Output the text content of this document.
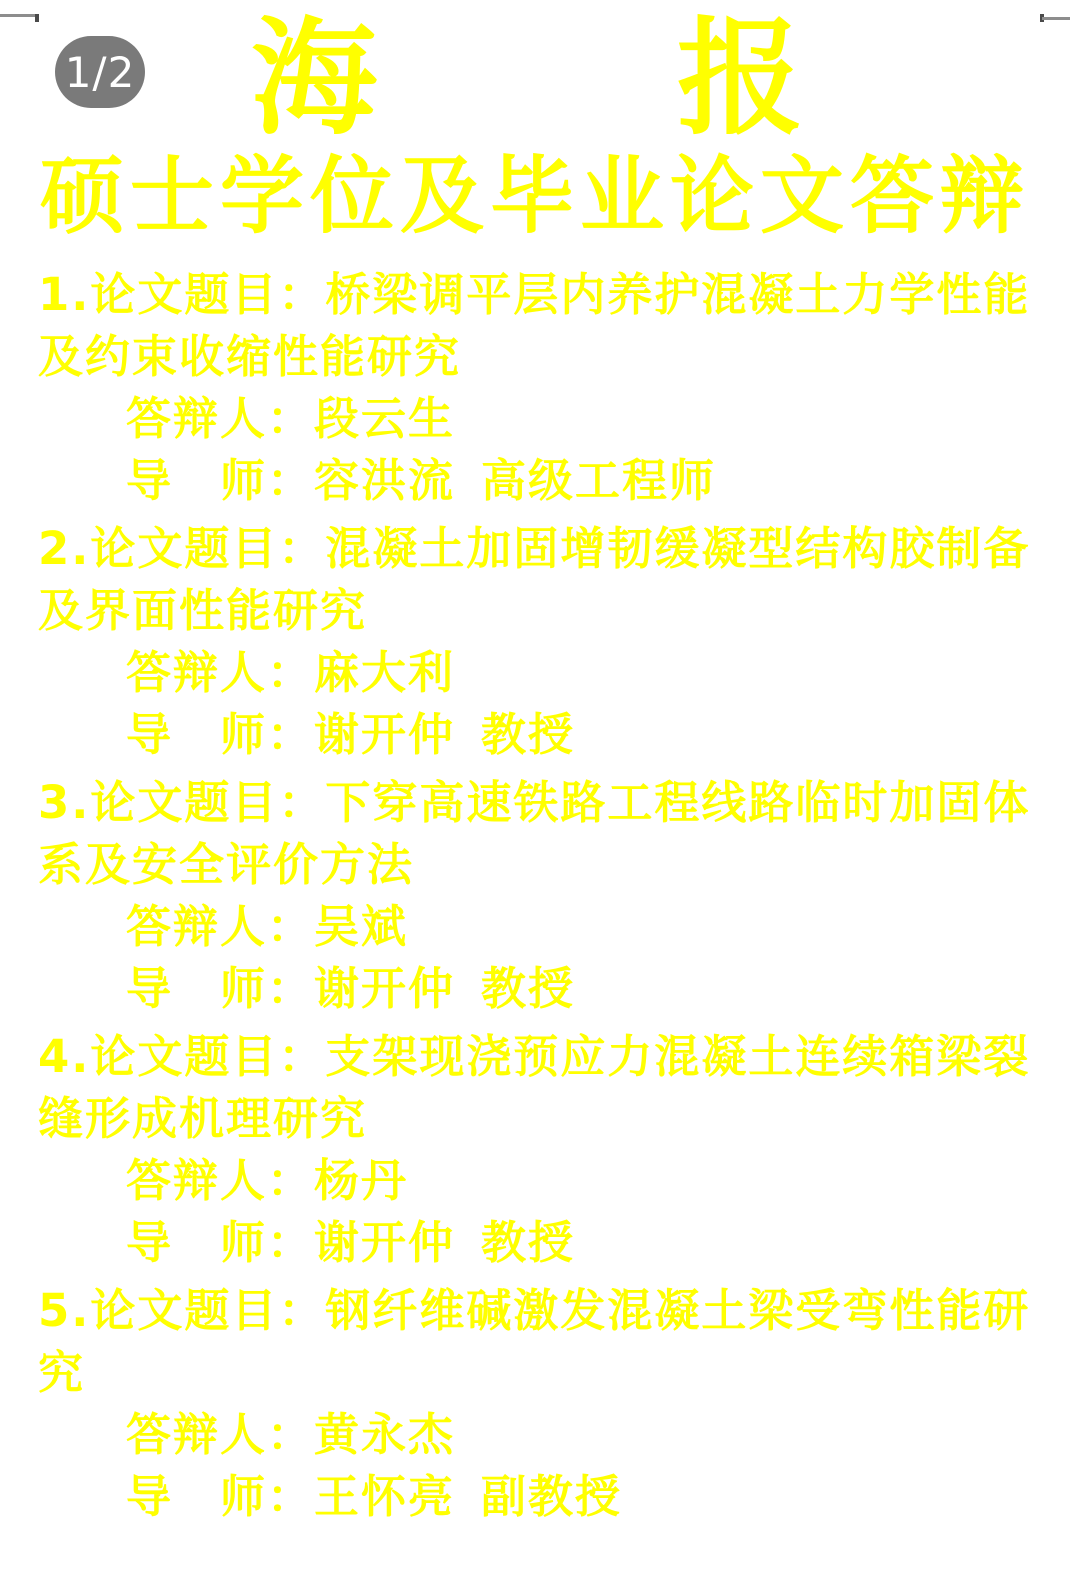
1/2 海　　报
硕士学位及毕业论文答辩
1.论文题目：桥梁调平层内养护混凝土力学性能
及约束收缩性能研究
答辩人：段云生
导　师：容洪流 高级工程师
2.论文题目：混凝土加固增韧缓凝型结构胶制备
及界面性能研究
答辩人：麻大利
导　师：谢开仲 教授
3.论文题目：下穿高速铁路工程线路临时加固体
系及安全评价方法
答辩人：吴斌
导　师：谢开仲 教授
4.论文题目：支架现浇预应力混凝土连续箱梁裂
缝形成机理研究
答辩人：杨丹
导　师：谢开仲 教授
5.论文题目：钢纤维碱激发混凝土梁受弯性能研
究
答辩人：黄永杰
导　师：王怀亮 副教授
